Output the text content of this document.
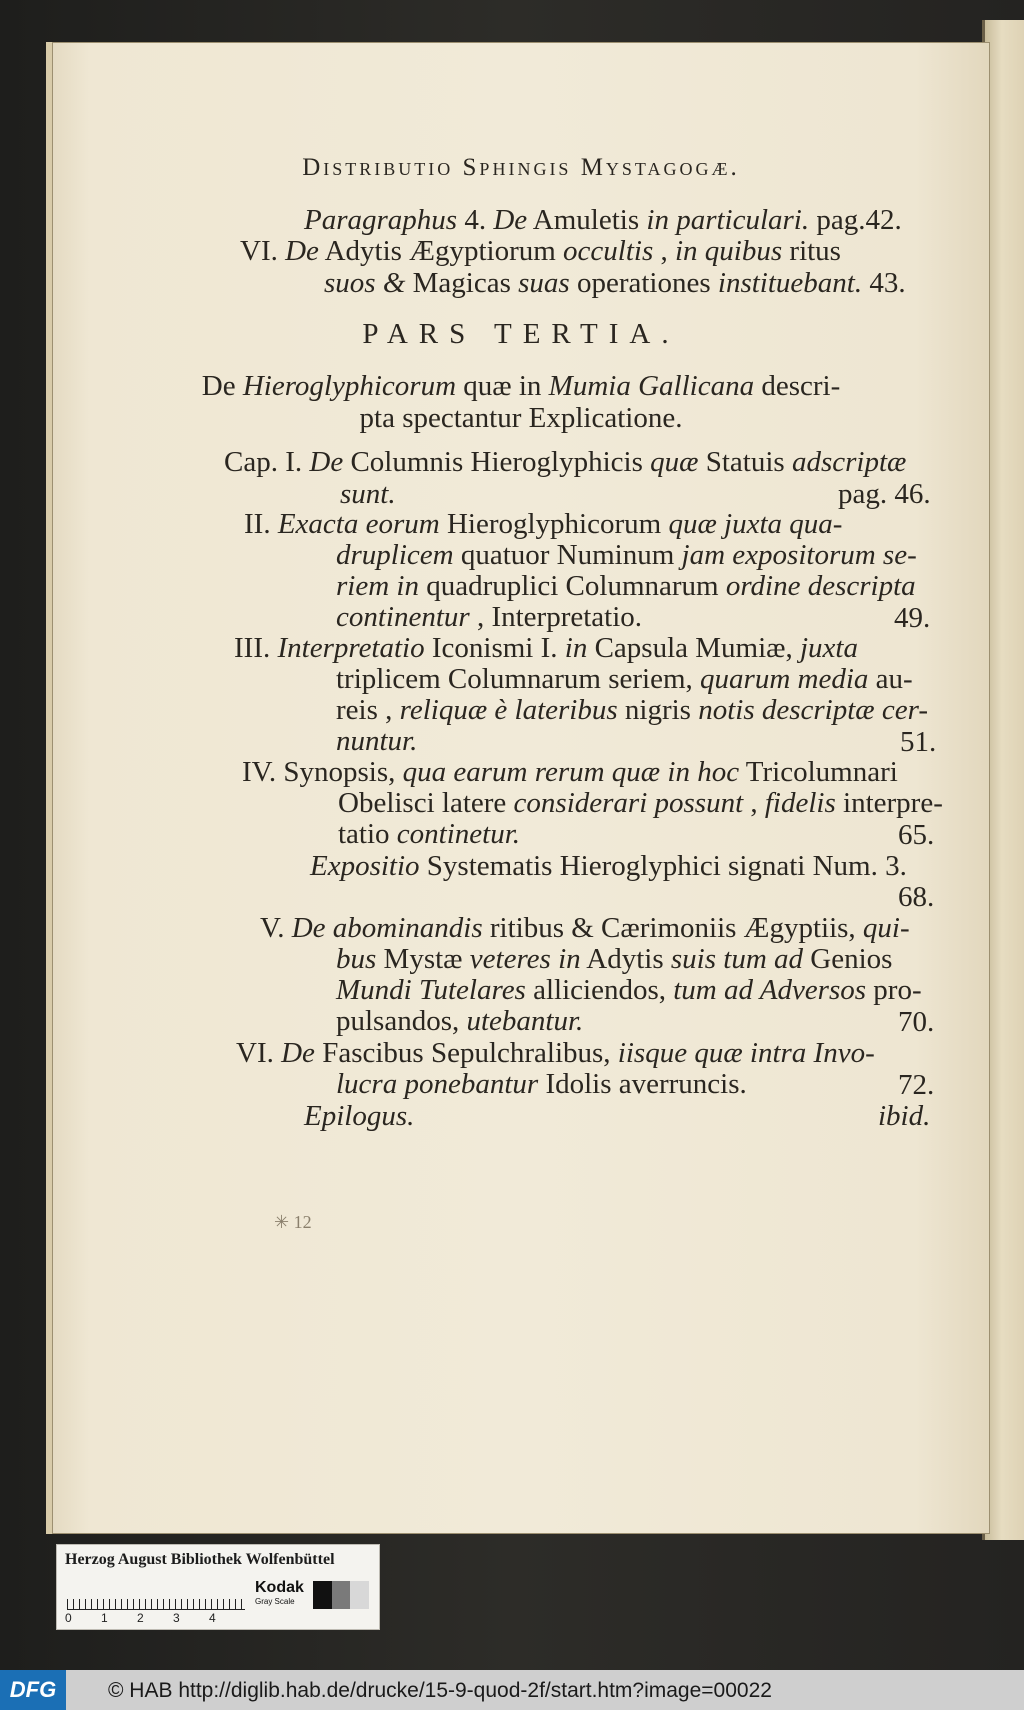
Distributio Sphingis Mystagogæ.
Paragraphus 4. De Amuletis in particulari. pag.42.
VI. De Adytis Ægyptiorum occultis , in quibus ritus
suos & Magicas suas operationes instituebant. 43.
PARS TERTIA.
De Hieroglyphicorum quæ in Mumia Gallicana descri-
pta spectantur Explicatione.
Cap. I. De Columnis Hieroglyphicis quæ Statuis adscriptæ
sunt.	pag. 46.
II. Exacta eorum Hieroglyphicorum quæ juxta qua-
druplicem quatuor Numinum jam expositorum se-
riem in quadruplici Columnarum ordine descripta
continentur , Interpretatio.	49.
III. Interpretatio Iconismi I. in Capsula Mumiæ, juxta
triplicem Columnarum seriem, quarum media au-
reis , reliquæ è lateribus nigris notis descriptæ cer-
nuntur.	51.
IV. Synopsis, qua earum rerum quæ in hoc Tricolumnari
Obelisci latere considerari possunt , fidelis interpre-
tatio continetur.	65.
Expositio Systematis Hieroglyphici signati Num. 3.
68.
V. De abominandis ritibus & Cærimoniis Ægyptiis, qui-
bus Mystæ veteres in Adytis suis tum ad Genios
Mundi Tutelares alliciendos, tum ad Adversos pro-
pulsandos, utebantur.	70.
VI. De Fascibus Sepulchralibus, iisque quæ intra Invo-
lucra ponebantur Idolis averruncis.	72.
Epilogus.	ibid.
✳ 12
Herzog August Bibliothek Wolfenbüttel
0 1 2 3 4
Kodak
Gray Scale
DFG	© HAB http://diglib.hab.de/drucke/15-9-quod-2f/start.htm?image=00022
